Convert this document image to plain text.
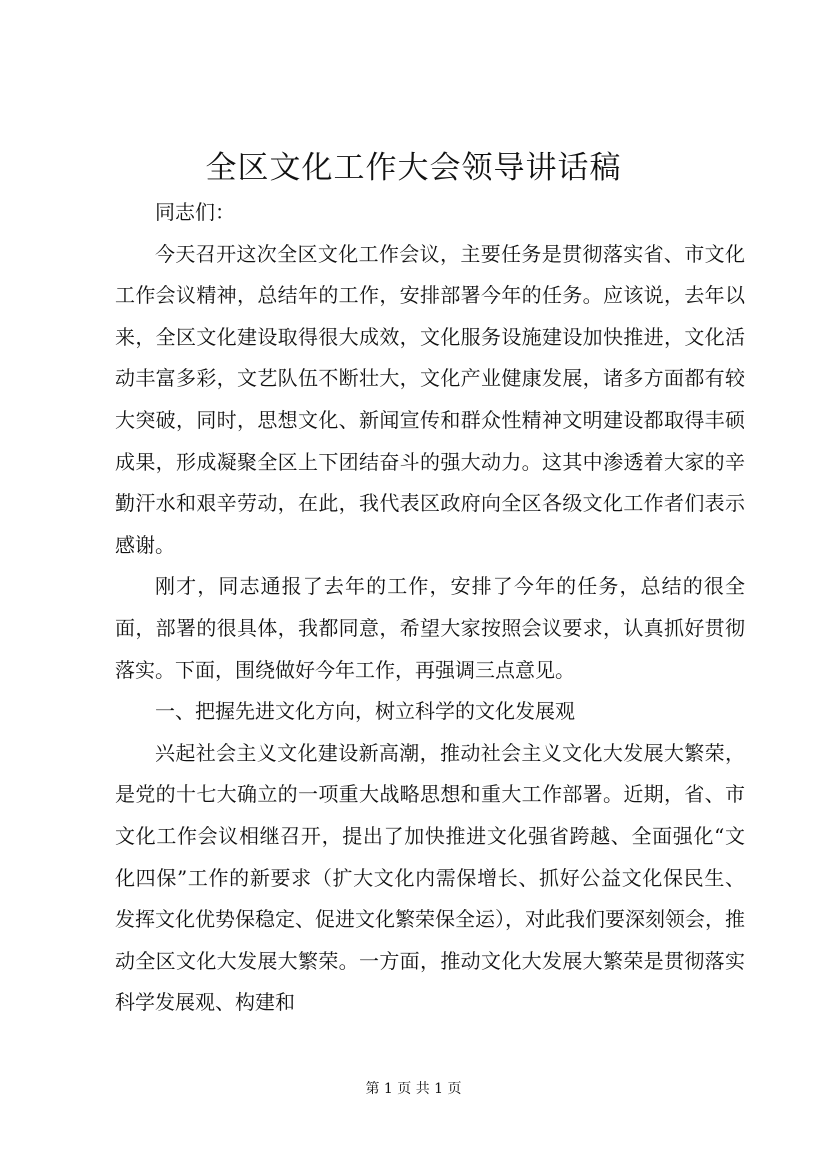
全区文化工作大会领导讲话稿

同志们：

今天召开这次全区文化工作会议，主要任务是贯彻落实省、市文化工作会议精神，总结年的工作，安排部署今年的任务。应该说，去年以来，全区文化建设取得很大成效，文化服务设施建设加快推进，文化活动丰富多彩，文艺队伍不断壮大，文化产业健康发展，诸多方面都有较大突破，同时，思想文化、新闻宣传和群众性精神文明建设都取得丰硕成果，形成凝聚全区上下团结奋斗的强大动力。这其中渗透着大家的辛勤汗水和艰辛劳动，在此，我代表区政府向全区各级文化工作者们表示感谢。

刚才，同志通报了去年的工作，安排了今年的任务，总结的很全面，部署的很具体，我都同意，希望大家按照会议要求，认真抓好贯彻落实。下面，围绕做好今年工作，再强调三点意见。

一、把握先进文化方向，树立科学的文化发展观

兴起社会主义文化建设新高潮，推动社会主义文化大发展大繁荣，是党的十七大确立的一项重大战略思想和重大工作部署。近期，省、市文化工作会议相继召开，提出了加快推进文化强省跨越、全面强化“文化四保”工作的新要求（扩大文化内需保增长、抓好公益文化保民生、发挥文化优势保稳定、促进文化繁荣保全运），对此我们要深刻领会，推动全区文化大发展大繁荣。一方面，推动文化大发展大繁荣是贯彻落实科学发展观、构建和

第 1 页 共 1 页
